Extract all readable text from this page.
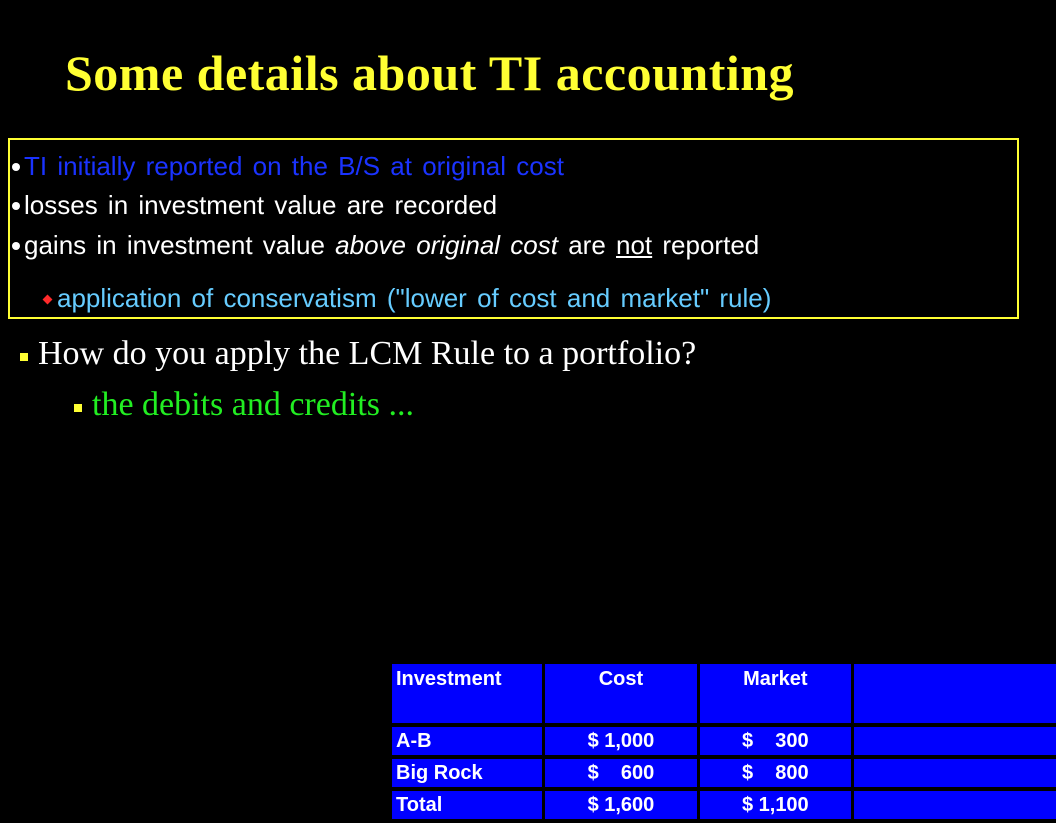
Some details about TI accounting
TI initially reported on the B/S at original cost
losses in investment value are recorded
gains in investment value above original cost are not reported
application of conservatism ("lower of cost and market" rule)
How do you apply the LCM Rule to a portfolio?
the debits and credits ...
Investment	Cost	Market	
A-B	$ 1,000	$    300	
Big Rock	$    600	$    800	
Total	$ 1,600	$ 1,100	
